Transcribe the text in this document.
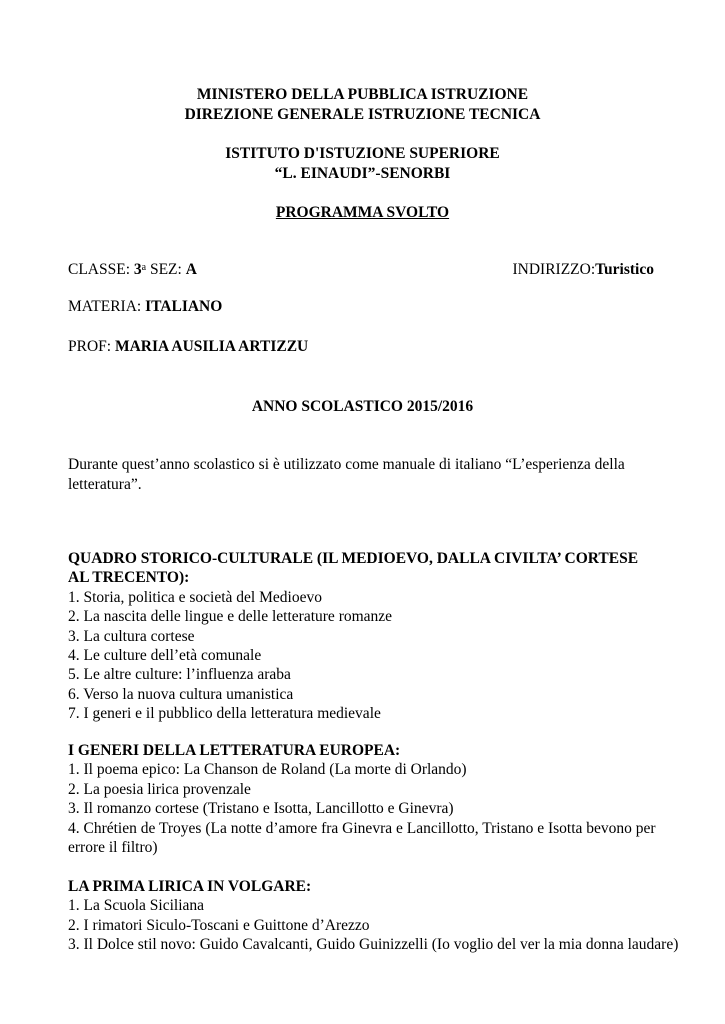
MINISTERO DELLA PUBBLICA ISTRUZIONE
DIREZIONE GENERALE ISTRUZIONE TECNICA
ISTITUTO D'ISTUZIONE SUPERIORE
“L. EINAUDI”-SENORBI
PROGRAMMA SVOLTO
CLASSE: 3$^a$ SEZ: A	INDIRIZZO:Turistico
MATERIA: ITALIANO
PROF: MARIA AUSILIA ARTIZZU
ANNO SCOLASTICO 2015/2016
Durante quest’anno scolastico si è utilizzato come manuale di italiano “L’esperienza della
letteratura”.
QUADRO STORICO-CULTURALE (IL MEDIOEVO, DALLA CIVILTA’ CORTESE AL TRECENTO):
1. Storia, politica e società del Medioevo
2. La nascita delle lingue e delle letterature romanze
3. La cultura cortese
4. Le culture dell’età comunale
5. Le altre culture: l’influenza araba
6. Verso la nuova cultura umanistica
7. I generi e il pubblico della letteratura medievale
I GENERI DELLA LETTERATURA EUROPEA:
1. Il poema epico: La Chanson de Roland (La morte di Orlando)
2. La poesia lirica provenzale
3. Il romanzo cortese (Tristano e Isotta, Lancillotto e Ginevra)
4. Chrétien de Troyes (La notte d’amore fra Ginevra e Lancillotto, Tristano e Isotta bevono per errore il filtro)
LA PRIMA LIRICA IN VOLGARE:
1. La Scuola Siciliana
2. I rimatori Siculo-Toscani e Guittone d’Arezzo
3. Il Dolce stil novo: Guido Cavalcanti, Guido Guinizzelli (Io voglio del ver la mia donna laudare)
